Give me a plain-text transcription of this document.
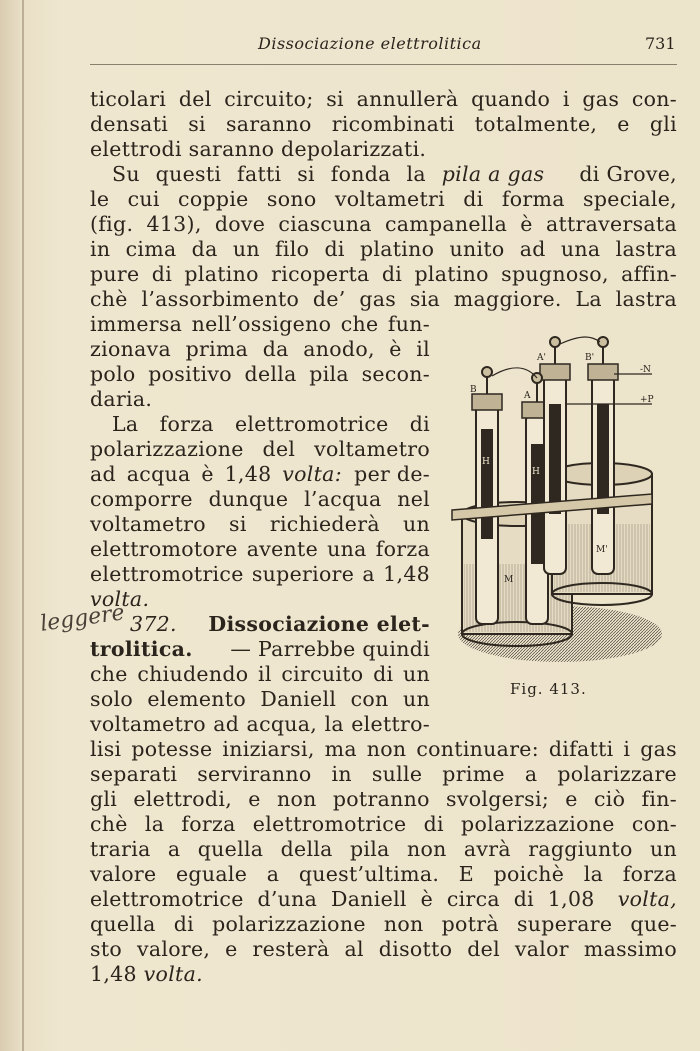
Dissociazione elettrolitica	731
ticolari del circuito; si annullerà quando i gas con-
densati si saranno ricombinati totalmente, e gli
elettrodi saranno depolarizzati.
Su questi fatti si fonda la pila a gas di Grove,
le cui coppie sono voltametri di forma speciale,
(fig. 413), dove ciascuna campanella è attraversata
in cima da un filo di platino unito ad una lastra
pure di platino ricoperta di platino spugnoso, affin-
chè l’assorbimento de’ gas sia maggiore. La lastra
immersa nell’ossigeno che fun-
zionava prima da anodo, è il
polo positivo della pila secon-
daria.
La forza elettromotrice di
polarizzazione del voltametro
ad acqua è 1,48 volta: per de-
comporre dunque l’acqua nel
voltametro si richiederà un
elettromotore avente una forza
elettromotrice superiore a 1,48
volta.
leggere 372. Dissociazione elet-
trolitica. — Parrebbe quindi
che chiudendo il circuito di un
solo elemento Daniell con un
voltametro ad acqua, la elettro-
lisi potesse iniziarsi, ma non continuare: difatti i gas
separati serviranno in sulle prime a polarizzare
gli elettrodi, e non potranno svolgersi; e ciò fin-
chè la forza elettromotrice di polarizzazione con-
traria a quella della pila non avrà raggiunto un
valore eguale a quest’ultima. E poichè la forza
elettromotrice d’una Daniell è circa di 1,08 volta,
quella di polarizzazione non potrà superare que-
sto valore, e resterà al disotto del valor massimo
1,48 volta.
B
A
A'	B'
H
H
M
M'
-N
+P
Fig. 413.
